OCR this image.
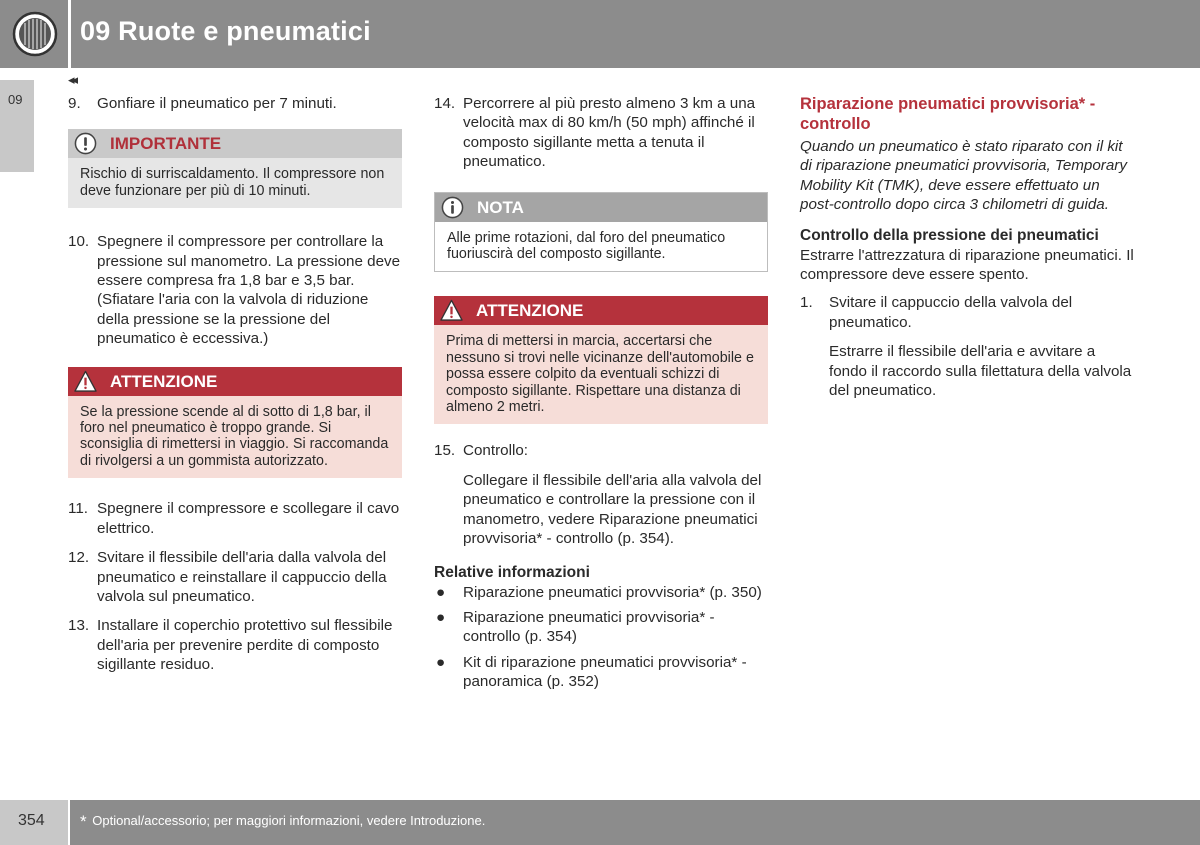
09 Ruote e pneumatici
09
◂◂
9. Gonfiare il pneumatico per 7 minuti.
IMPORTANTE
Rischio di surriscaldamento. Il compressore non deve funzionare per più di 10 minuti.
10. Spegnere il compressore per controllare la pressione sul manometro. La pressione deve essere compresa fra 1,8 bar e 3,5 bar. (Sfiatare l'aria con la valvola di riduzione della pressione se la pressione del pneumatico è eccessiva.)
ATTENZIONE
Se la pressione scende al di sotto di 1,8 bar, il foro nel pneumatico è troppo grande. Si sconsiglia di rimettersi in viaggio. Si raccomanda di rivolgersi a un gommista autorizzato.
11. Spegnere il compressore e scollegare il cavo elettrico.
12. Svitare il flessibile dell'aria dalla valvola del pneumatico e reinstallare il cappuccio della valvola sul pneumatico.
13. Installare il coperchio protettivo sul flessibile dell'aria per prevenire perdite di composto sigillante residuo.
14. Percorrere al più presto almeno 3 km a una velocità max di 80 km/h (50 mph) affinché il composto sigillante metta a tenuta il pneumatico.
NOTA
Alle prime rotazioni, dal foro del pneumatico fuoriuscirà del composto sigillante.
ATTENZIONE
Prima di mettersi in marcia, accertarsi che nessuno si trovi nelle vicinanze dell'automobile e possa essere colpito da eventuali schizzi di composto sigillante. Rispettare una distanza di almeno 2 metri.
15. Controllo:
Collegare il flessibile dell'aria alla valvola del pneumatico e controllare la pressione con il manometro, vedere Riparazione pneumatici provvisoria* - controllo (p. 354).
Relative informazioni
● Riparazione pneumatici provvisoria* (p. 350)
● Riparazione pneumatici provvisoria* - controllo (p. 354)
● Kit di riparazione pneumatici provvisoria* - panoramica (p. 352)
Riparazione pneumatici provvisoria* - controllo

Quando un pneumatico è stato riparato con il kit di riparazione pneumatici provvisoria, Temporary Mobility Kit (TMK), deve essere effettuato un post-controllo dopo circa 3 chilometri di guida.

Controllo della pressione dei pneumatici

Estrarre l'attrezzatura di riparazione pneumatici. Il compressore deve essere spento.

1. Svitare il cappuccio della valvola del pneumatico.
Estrarre il flessibile dell'aria e avvitare a fondo il raccordo sulla filettatura della valvola del pneumatico.
354 * Optional/accessorio; per maggiori informazioni, vedere Introduzione.
